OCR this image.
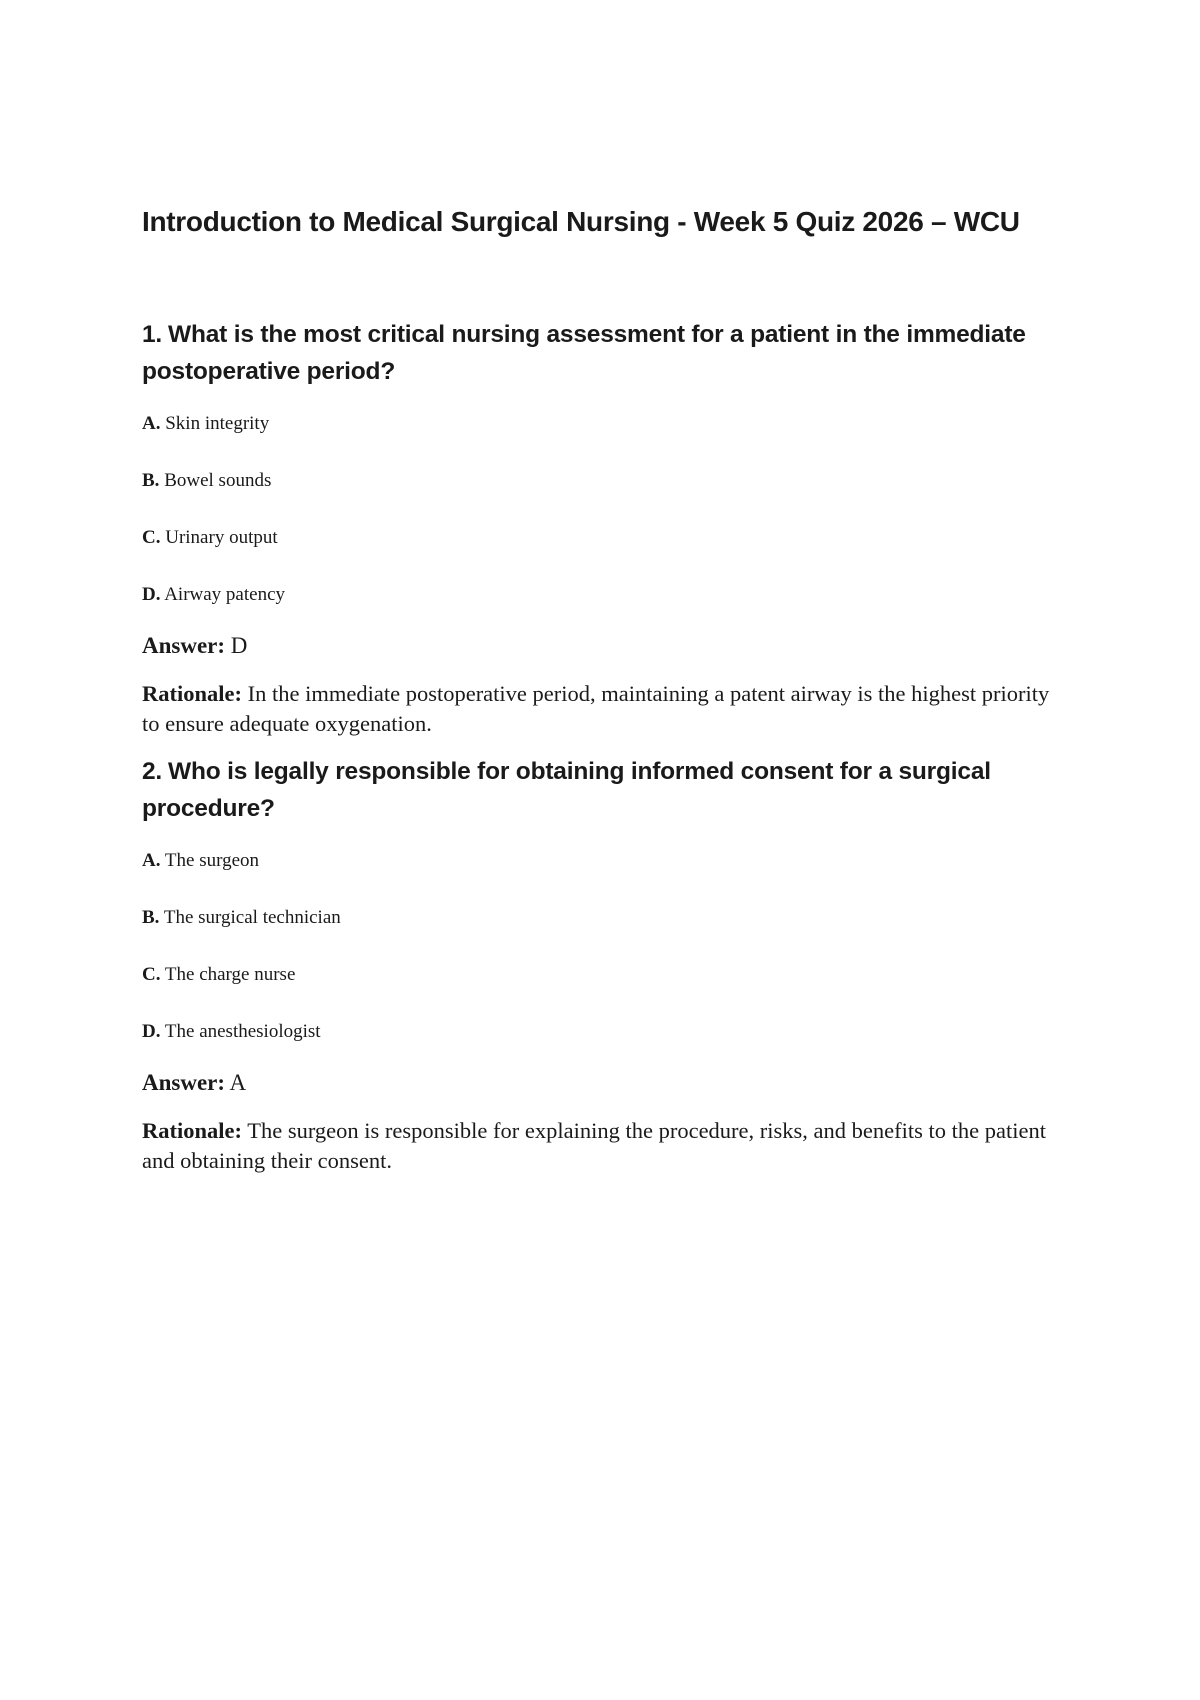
Introduction to Medical Surgical Nursing - Week 5 Quiz 2026 – WCU
1. What is the most critical nursing assessment for a patient in the immediate postoperative period?
A. Skin integrity
B. Bowel sounds
C. Urinary output
D. Airway patency

Answer: D

Rationale: In the immediate postoperative period, maintaining a patent airway is the highest priority to ensure adequate oxygenation.

2. Who is legally responsible for obtaining informed consent for a surgical procedure?
A. The surgeon
B. The surgical technician
C. The charge nurse
D. The anesthesiologist

Answer: A

Rationale: The surgeon is responsible for explaining the procedure, risks, and benefits to the patient and obtaining their consent.
